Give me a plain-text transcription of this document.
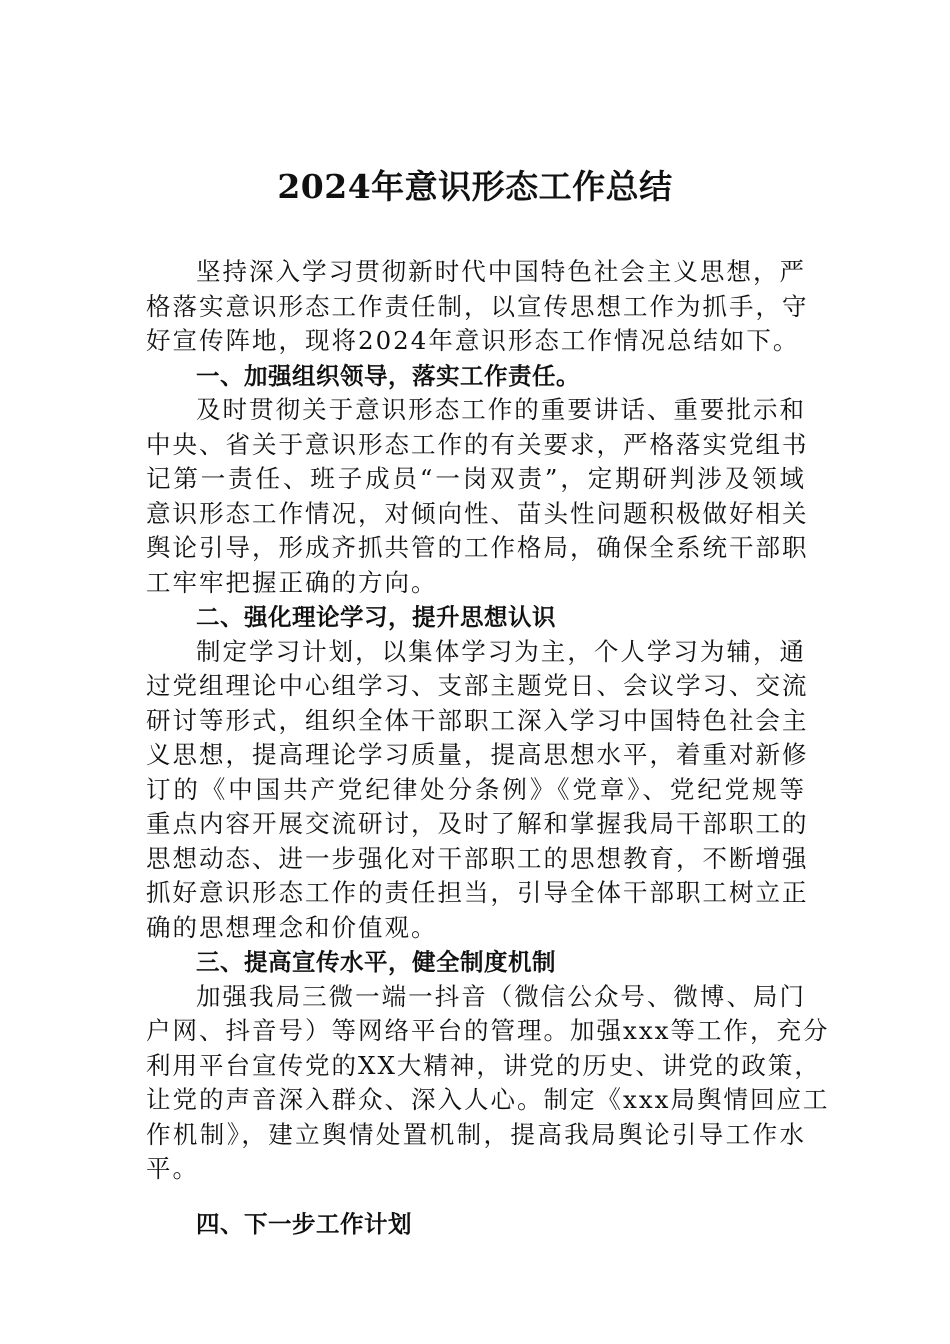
2024年意识形态工作总结
坚持深入学习贯彻新时代中国特色社会主义思想，严
格落实意识形态工作责任制，以宣传思想工作为抓手，守
好宣传阵地，现将2024年意识形态工作情况总结如下。
一、加强组织领导，落实工作责任。
及时贯彻关于意识形态工作的重要讲话、重要批示和
中央、省关于意识形态工作的有关要求，严格落实党组书
记第一责任、班子成员“一岗双责”，定期研判涉及领域
意识形态工作情况，对倾向性、苗头性问题积极做好相关
舆论引导，形成齐抓共管的工作格局，确保全系统干部职
工牢牢把握正确的方向。
二、强化理论学习，提升思想认识
制定学习计划，以集体学习为主，个人学习为辅，通
过党组理论中心组学习、支部主题党日、会议学习、交流
研讨等形式，组织全体干部职工深入学习中国特色社会主
义思想，提高理论学习质量，提高思想水平，着重对新修
订的《中国共产党纪律处分条例》《党章》、党纪党规等
重点内容开展交流研讨，及时了解和掌握我局干部职工的
思想动态、进一步强化对干部职工的思想教育，不断增强
抓好意识形态工作的责任担当，引导全体干部职工树立正
确的思想理念和价值观。
三、提高宣传水平，健全制度机制
加强我局三微一端一抖音（微信公众号、微博、局门
户网、抖音号）等网络平台的管理。加强xxx等工作，充分
利用平台宣传党的XX大精神，讲党的历史、讲党的政策，
让党的声音深入群众、深入人心。制定《xxx局舆情回应工
作机制》，建立舆情处置机制，提高我局舆论引导工作水
平。
四、下一步工作计划
